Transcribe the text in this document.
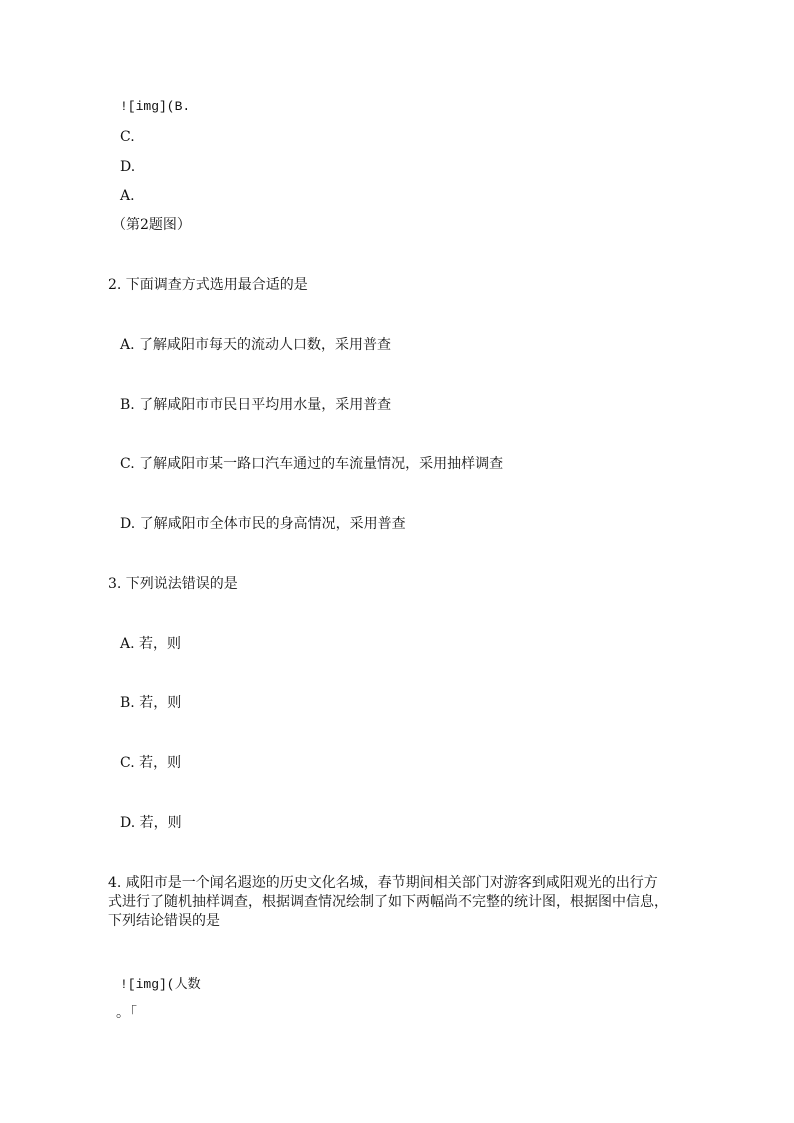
![img](B.
C.
D.
A.
（第2题图）
2. 下面调查方式选用最合适的是
A. 了解咸阳市每天的流动人口数，采用普查
B. 了解咸阳市市民日平均用水量，采用普查
C. 了解咸阳市某一路口汽车通过的车流量情况，采用抽样调查
D. 了解咸阳市全体市民的身高情况，采用普查
3. 下列说法错误的是
A. 若，则
B. 若，则
C. 若，则
D. 若，则
4. 咸阳市是一个闻名遐迩的历史文化名城，春节期间相关部门对游客到咸阳观光的出行方式进行了随机抽样调查，根据调查情况绘制了如下两幅尚不完整的统计图，根据图中信息，下列结论错误的是
![img](人数
。「
